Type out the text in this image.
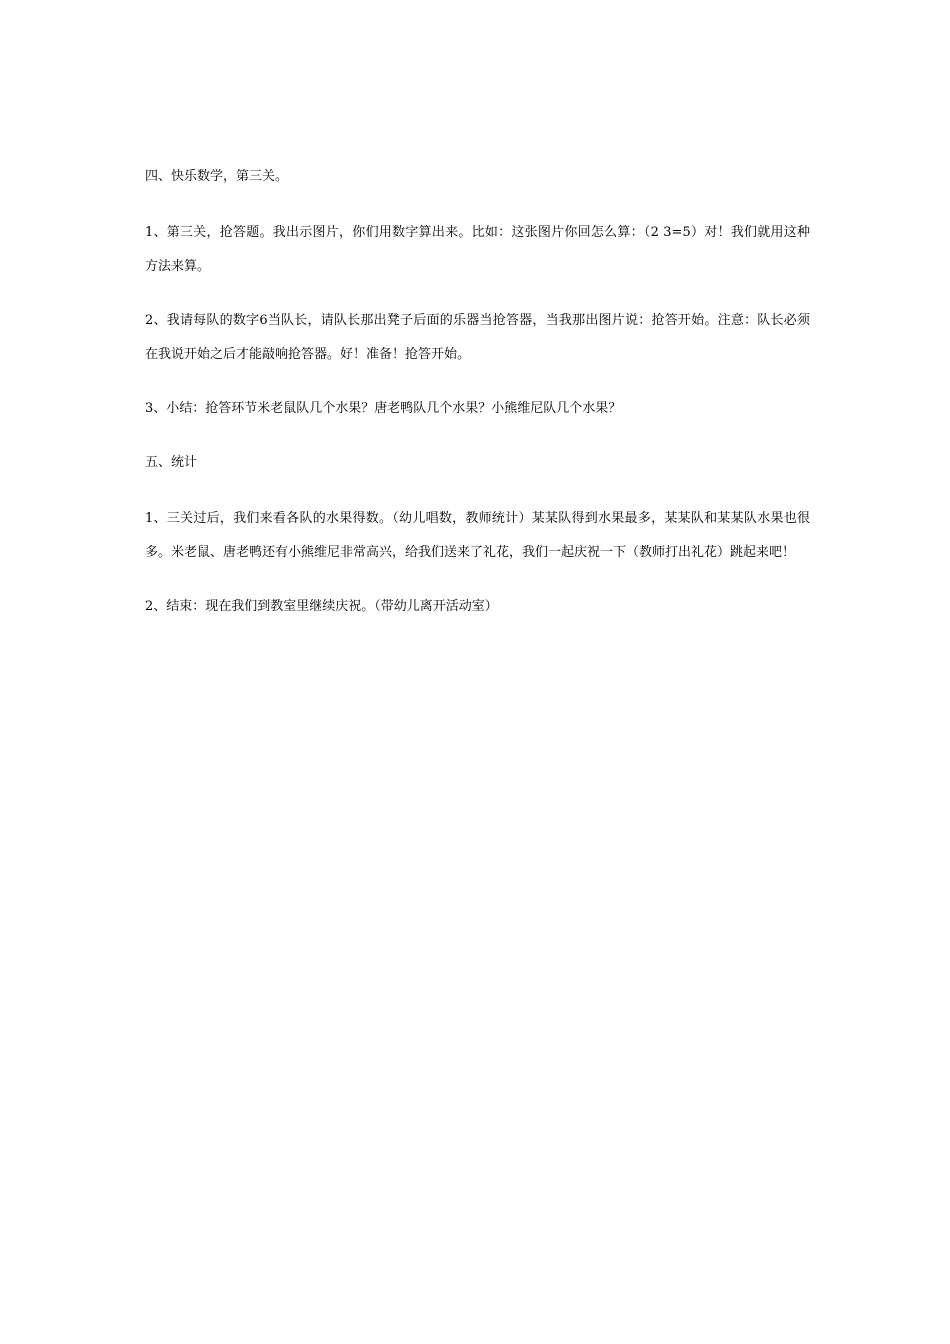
四、快乐数学，第三关。

1、第三关，抢答题。我出示图片，你们用数字算出来。比如：这张图片你回怎么算：（2 3=5）对！我们就用这种方法来算。

2、我请每队的数字6当队长，请队长那出凳子后面的乐器当抢答器，当我那出图片说：抢答开始。注意：队长必须在我说开始之后才能敲响抢答器。好！准备！抢答开始。

3、小结：抢答环节米老鼠队几个水果？唐老鸭队几个水果？小熊维尼队几个水果？

五、统计

1、三关过后，我们来看各队的水果得数。（幼儿唱数，教师统计）某某队得到水果最多，某某队和某某队水果也很多。米老鼠、唐老鸭还有小熊维尼非常高兴，给我们送来了礼花，我们一起庆祝一下（教师打出礼花）跳起来吧！

2、结束：现在我们到教室里继续庆祝。（带幼儿离开活动室）
